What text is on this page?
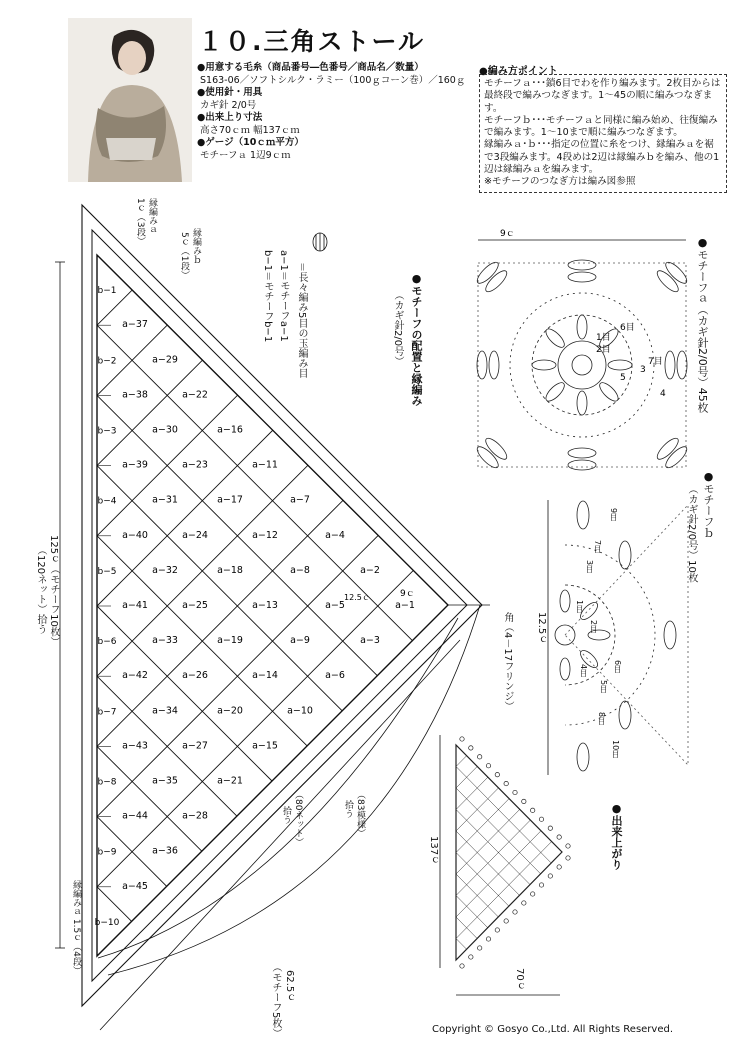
１０.三角ストール
●用意する毛糸（商品番号―色番号／商品名／数量）
S163-06／ソフトシルク・ラミー（100ｇコーン巻）／160ｇ
●使用針・用具
カギ針 2/0号
●出来上り寸法
高さ70ｃｍ 幅137ｃｍ
●ゲージ（10ｃｍ平方）
モチーフａ 1辺9ｃｍ
●編み方ポイント
モチーフａ･･･鎖6目でわを作り編みます。2枚目からは最終段で編みつなぎます。1〜45の順に編みつなぎます。
モチーフｂ･･･モチーフａと同様に編み始め、往復編みで編みます。1〜10まで順に編みつなぎます。
縁編みａ･ｂ･･･指定の位置に糸をつけ、縁編みａを裾で3段編みます。4段めは2辺は縁編みｂを編み、他の1辺は縁編みａを編みます。
※モチーフのつなぎ方は編み図参照
b−1
b−2
b−3
b−4
b−5
b−6
b−7
b−8
b−9
b−10
a−1
a−2
a−3
a−4
a−5
a−6
a−7
a−8
a−9
a−10
a−11
a−12
a−13
a−14
a−15
a−16
a−17
a−18
a−19
a−20
a−21
a−22
a−23
a−24
a−25
a−26
a−27
a−28
a−29
a−30
a−31
a−32
a−33
a−34
a−35
a−36
a−37
a−38
a−39
a−40
a−41
a−42
a−43
a−44
a−45
9ｃ
12.5ｃ
9ｃ
7目
6目
5
4
3
2目
1目
●モチーフの配置と縁編み
（カギ針2/0号）
＝長々編み5目の玉編み目
a−1＝モチーフa−1
b−1＝モチーフb−1
縁編みａ
1ｃ（3段）
縁編みｂ
5ｃ（1段）
125ｃ（モチーフ10枚）
（120ネット）拾う
縁編みａ 1.5ｃ（4段）
62.5ｃ
（モチーフ5枚）
（83模様）
拾う
（80ネット）
拾う
角（4－17フリンジ）
●モチーフａ（カギ針2/0号）45枚
●モチーフｂ
（カギ針2/0号）10枚
12.5ｃ
●出来上がり
137ｃ
70ｃ
9目
7目
3目
1目
2目
4目
5目
6目
8目
10目
Copyright © Gosyo Co.,Ltd. All Rights Reserved.
